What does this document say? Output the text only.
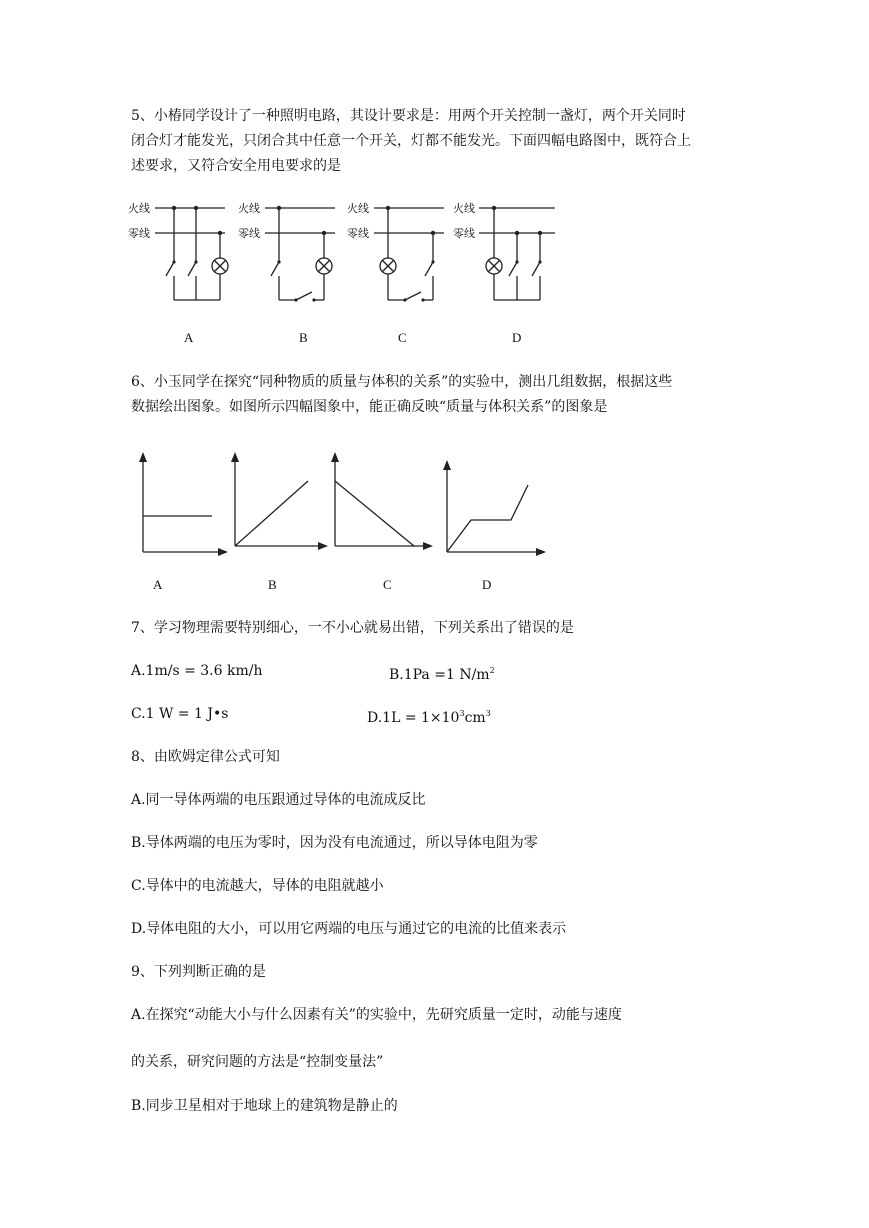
5、小椿同学设计了一种照明电路，其设计要求是：用两个开关控制一盏灯，两个开关同时
闭合灯才能发光，只闭合其中任意一个开关，灯都不能发光。下面四幅电路图中，既符合上
述要求，又符合安全用电要求的是
火线
零线
火线
零线
火线
零线
火线
零线
A	B	C	D
6、小玉同学在探究“同种物质的质量与体积的关系”的实验中，测出几组数据，根据这些
数据绘出图象。如图所示四幅图象中，能正确反映“质量与体积关系”的图象是
A	B	C	D
7、学习物理需要特别细心，一不小心就易出错，下列关系出了错误的是
A.1m/s = 3.6 km/h	B.1Pa =1 $N/m^2$
C.1 W = 1 J•s	$D.1L = 1\times 10^3cm^3$
8、由欧姆定律公式可知
A.同一导体两端的电压跟通过导体的电流成反比
B.导体两端的电压为零时，因为没有电流通过，所以导体电阻为零
C.导体中的电流越大，导体的电阻就越小
D.导体电阻的大小，可以用它两端的电压与通过它的电流的比值来表示
9、下列判断正确的是
A.在探究“动能大小与什么因素有关”的实验中，先研究质量一定时，动能与速度
的关系，研究问题的方法是“控制变量法”
B.同步卫星相对于地球上的建筑物是静止的
